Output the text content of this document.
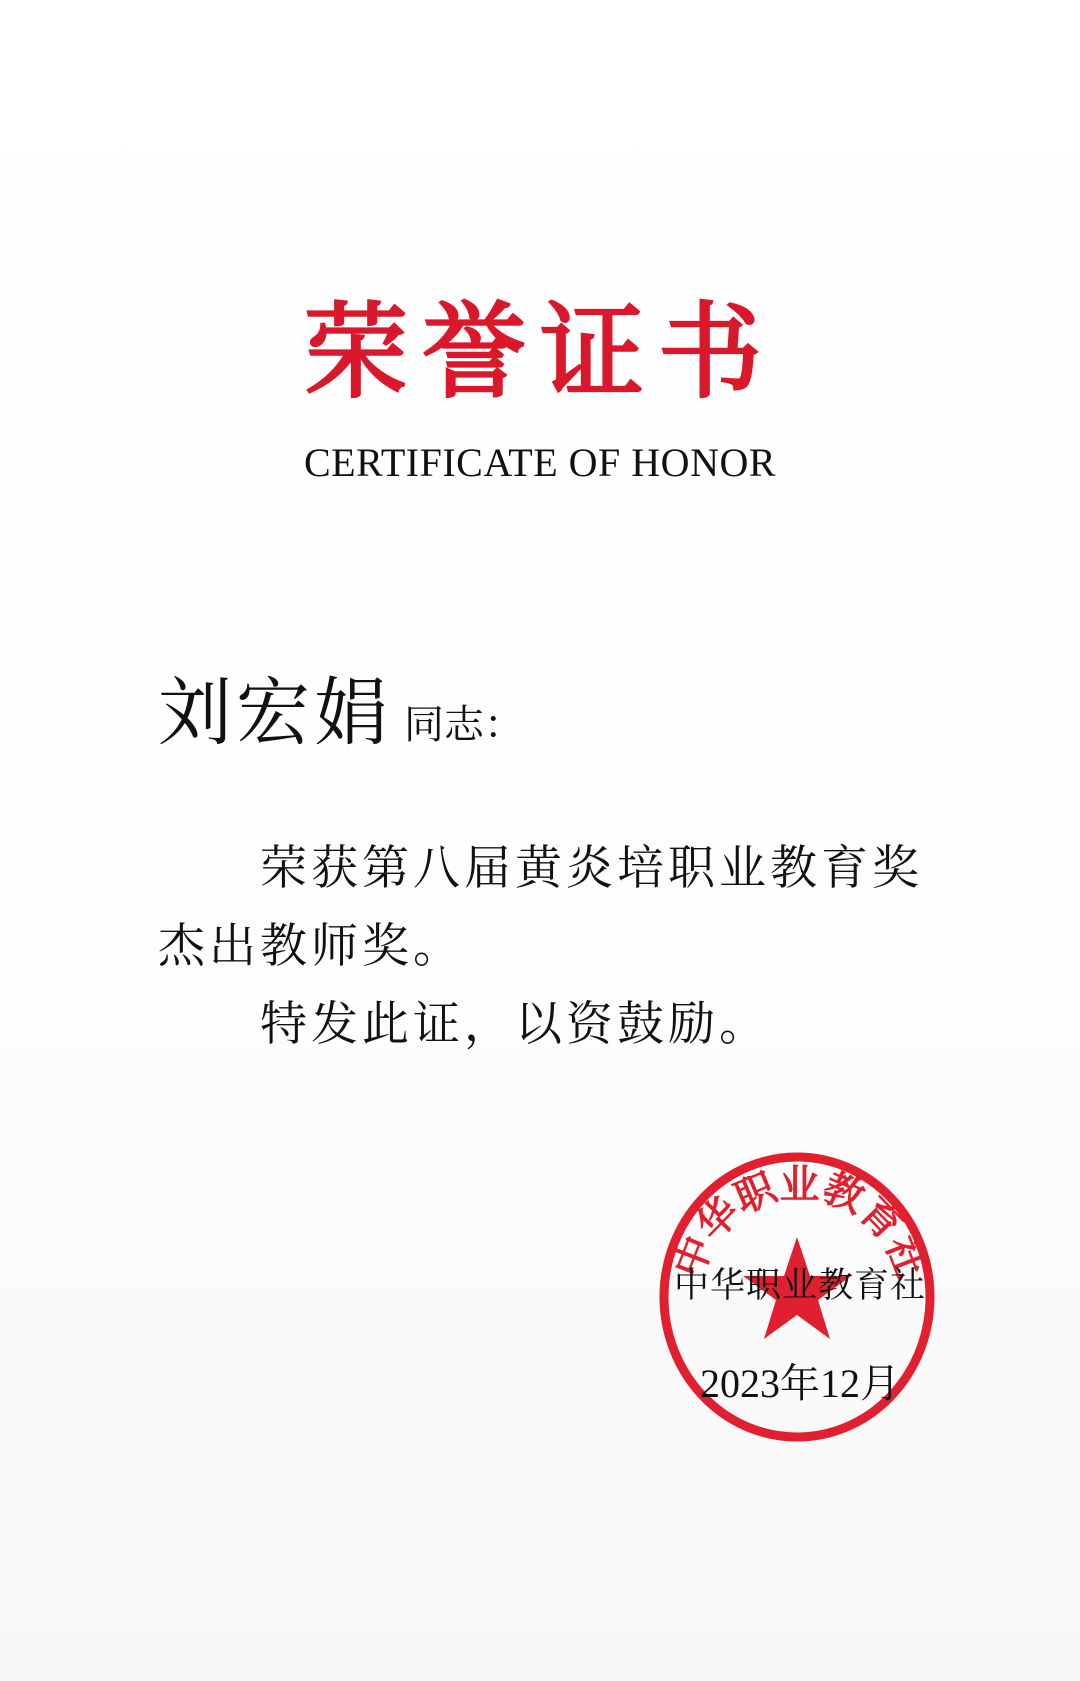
荣誉证书
CERTIFICATE OF HONOR
刘宏娟 同志：

荣获第八届黄炎培职业教育奖杰出教师奖。

特发此证，以资鼓励。

中华职业教育社
中华职业教育社
2023年12月
